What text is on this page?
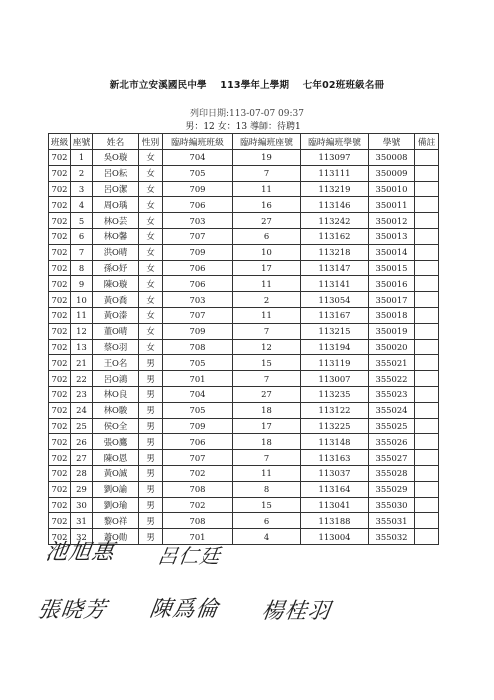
新北市立安溪國民中學 113學年上學期 七年02班班級名冊
列印日期:113-07-07 09:37
男：12 女：13 導師：待聘1
班級	座號	姓名	性別	臨時編班班級	臨時編班座號	臨時編班學號	學號	備註
702	1	吳O璇	女	704	19	113097	350008	
702	2	呂O耘	女	705	7	113111	350009	
702	3	呂O潔	女	709	11	113219	350010	
702	4	周O瑀	女	706	16	113146	350011	
702	5	林O芸	女	703	27	113242	350012	
702	6	林O馨	女	707	6	113162	350013	
702	7	洪O晴	女	709	10	113218	350014	
702	8	孫O妤	女	706	17	113147	350015	
702	9	陳O璇	女	706	11	113141	350016	
702	10	黃O喬	女	703	2	113054	350017	
702	11	黃O溱	女	707	11	113167	350018	
702	12	董O晴	女	709	7	113215	350019	
702	13	蔡O羽	女	708	12	113194	350020	
702	21	王O名	男	705	15	113119	355021	
702	22	呂O鴻	男	701	7	113007	355022	
702	23	林O良	男	704	27	113235	355023	
702	24	林O駿	男	705	18	113122	355024	
702	25	侯O全	男	709	17	113225	355025	
702	26	張O鷹	男	706	18	113148	355026	
702	27	陳O恩	男	707	7	113163	355027	
702	28	黃O誠	男	702	11	113037	355028	
702	29	劉O諭	男	708	8	113164	355029	
702	30	劉O瑜	男	702	15	113041	355030	
702	31	黎O祥	男	708	6	113188	355031	
702	32	蕭O勛	男	701	4	113004	355032	
池旭惠 呂仁廷
張晓芳 陳爲倫 楊桂羽
